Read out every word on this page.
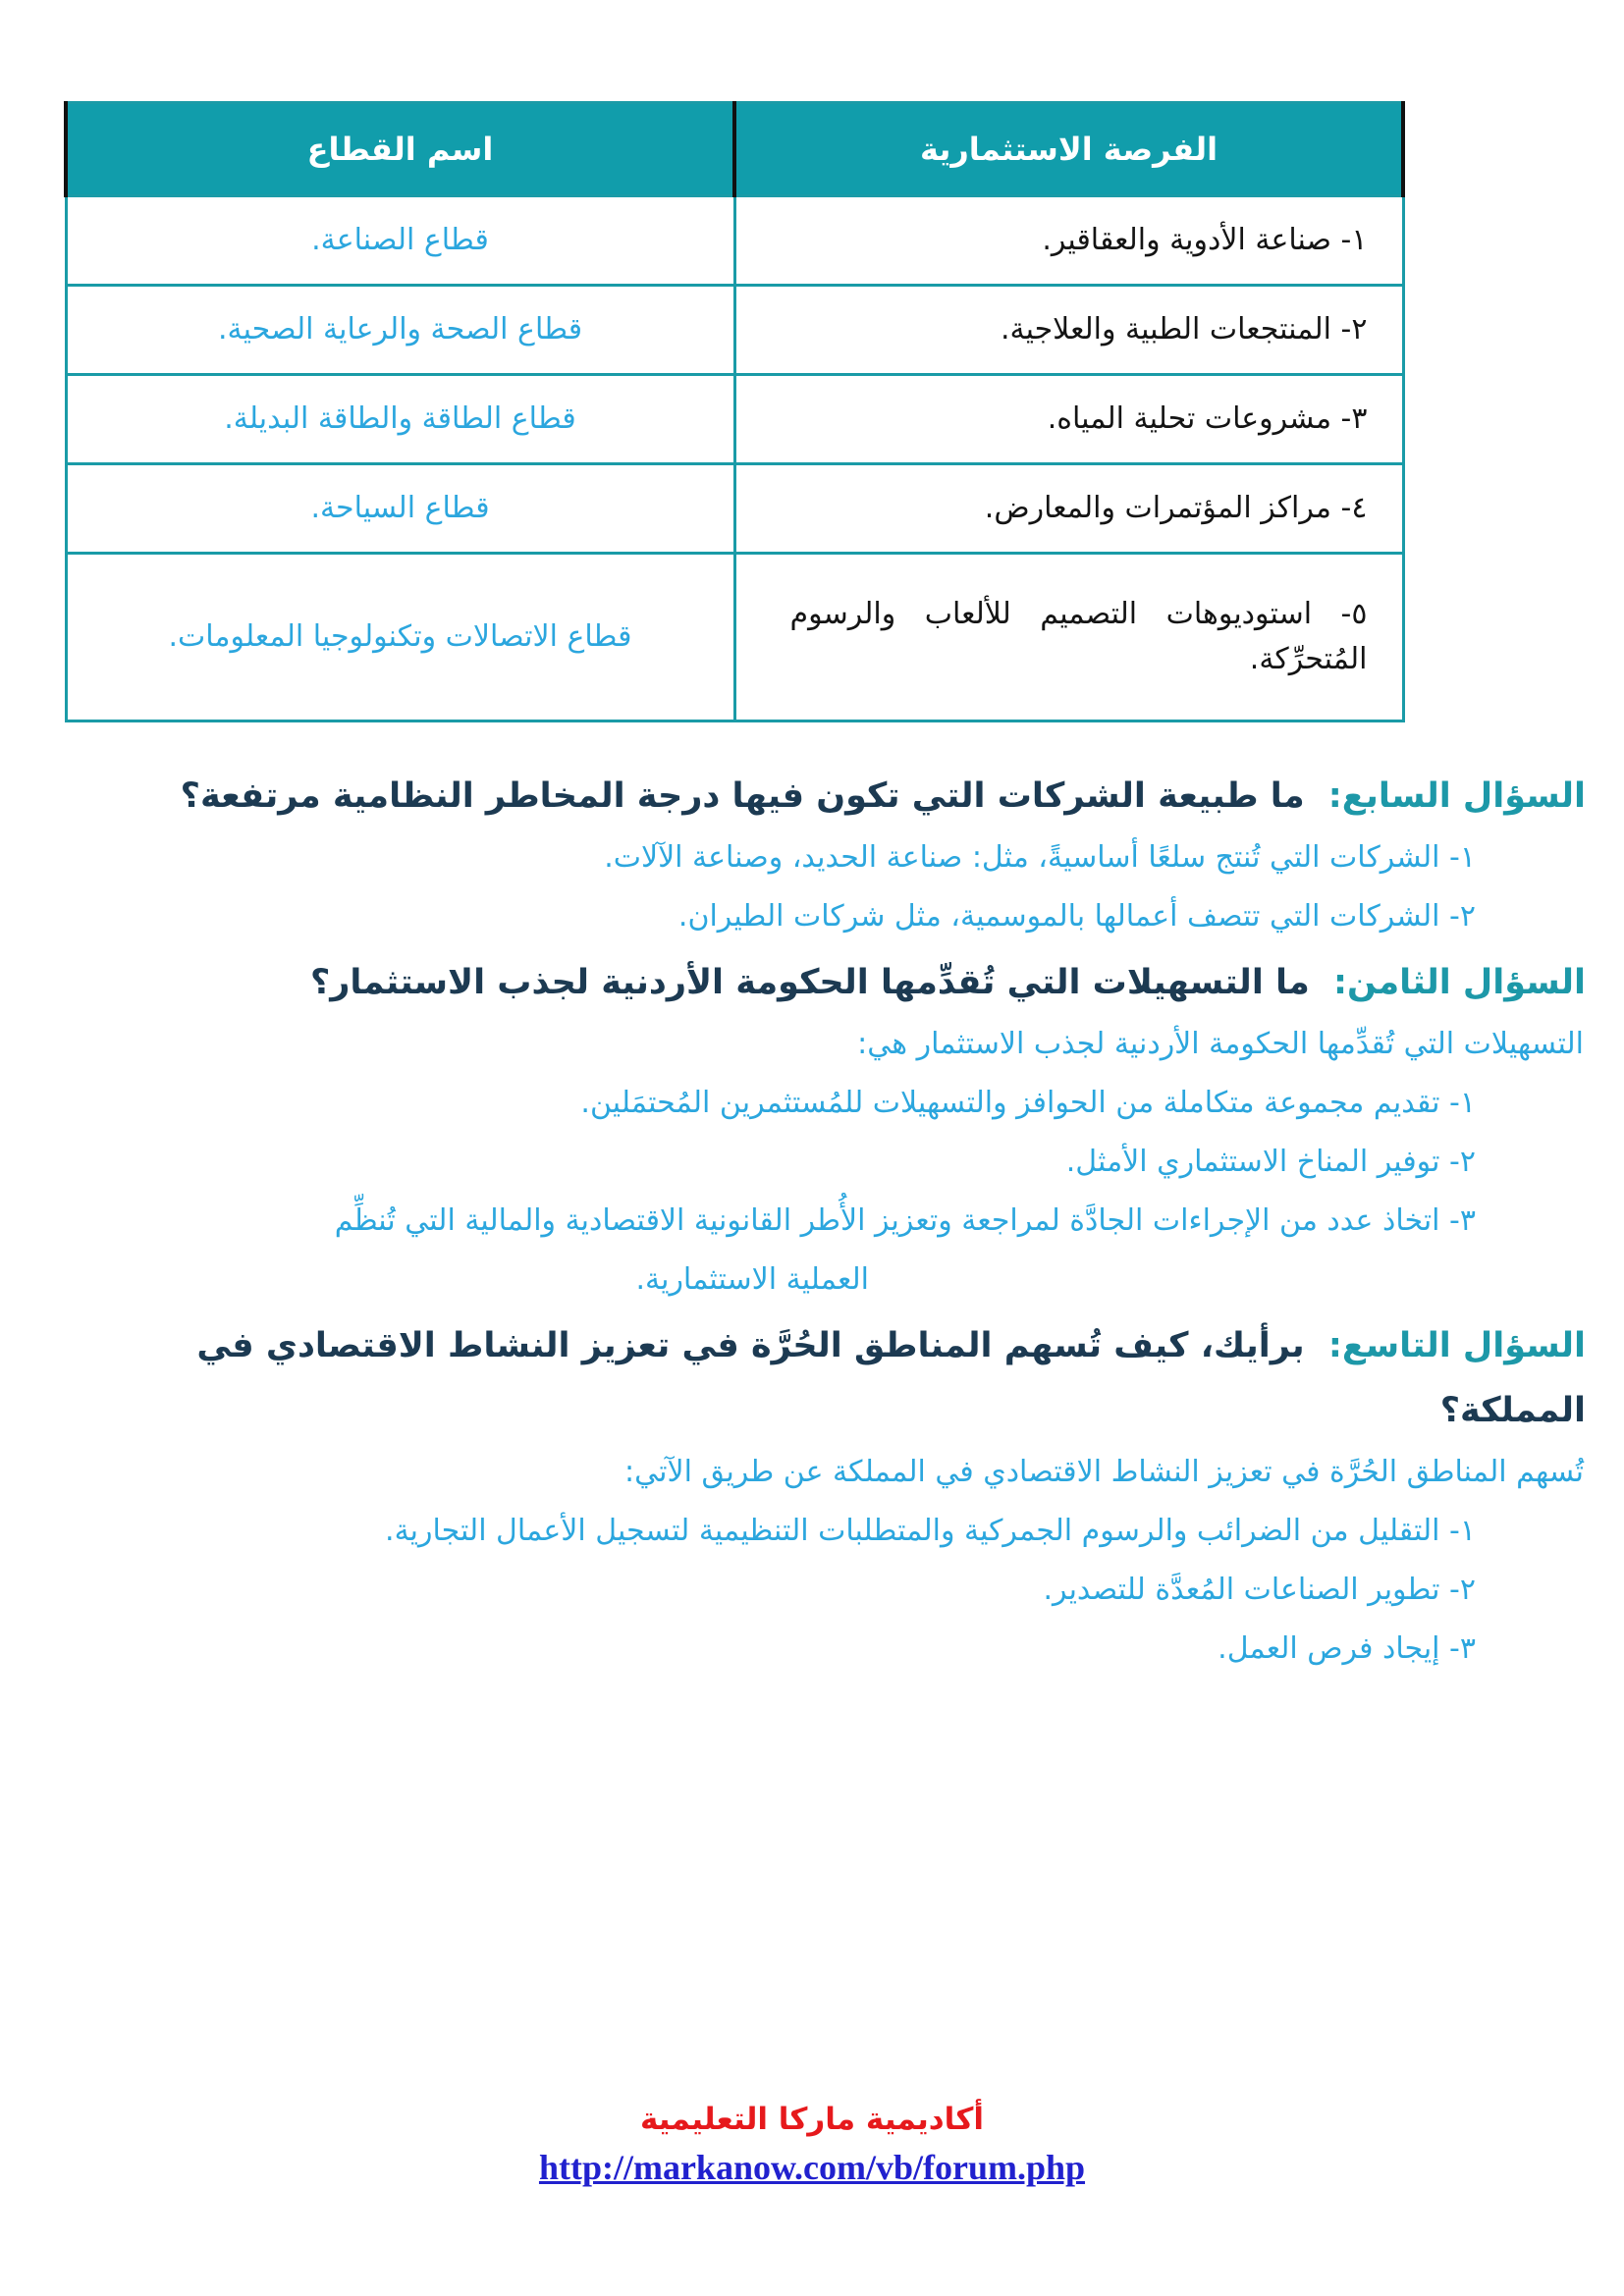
الفرصة الاستثمارية	اسم القطاع
١- صناعة الأدوية والعقاقير.	قطاع الصناعة.
٢- المنتجعات الطبية والعلاجية.	قطاع الصحة والرعاية الصحية.
٣- مشروعات تحلية المياه.	قطاع الطاقة والطاقة البديلة.
٤- مراكز المؤتمرات والمعارض.	قطاع السياحة.
٥- استوديوهات التصميم للألعاب والرسوم المُتحرِّكة.	قطاع الاتصالات وتكنولوجيا المعلومات.
السؤال السابع: ما طبيعة الشركات التي تكون فيها درجة المخاطر النظامية مرتفعة؟
١- الشركات التي تُنتج سلعًا أساسيةً، مثل: صناعة الحديد، وصناعة الآلات.
٢- الشركات التي تتصف أعمالها بالموسمية، مثل شركات الطيران.
السؤال الثامن: ما التسهيلات التي تُقدِّمها الحكومة الأردنية لجذب الاستثمار؟
التسهيلات التي تُقدِّمها الحكومة الأردنية لجذب الاستثمار هي:
١- تقديم مجموعة متكاملة من الحوافز والتسهيلات للمُستثمرين المُحتمَلين.
٢- توفير المناخ الاستثماري الأمثل.
٣- اتخاذ عدد من الإجراءات الجادَّة لمراجعة وتعزيز الأُطر القانونية الاقتصادية والمالية التي تُنظِّم
العملية الاستثمارية.
السؤال التاسع: برأيك، كيف تُسهم المناطق الحُرَّة في تعزيز النشاط الاقتصادي في
المملكة؟
تُسهم المناطق الحُرَّة في تعزيز النشاط الاقتصادي في المملكة عن طريق الآتي:
١- التقليل من الضرائب والرسوم الجمركية والمتطلبات التنظيمية لتسجيل الأعمال التجارية.
٢- تطوير الصناعات المُعدَّة للتصدير.
٣- إيجاد فرص العمل.
أكاديمية ماركا التعليمية
http://markanow.com/vb/forum.php
